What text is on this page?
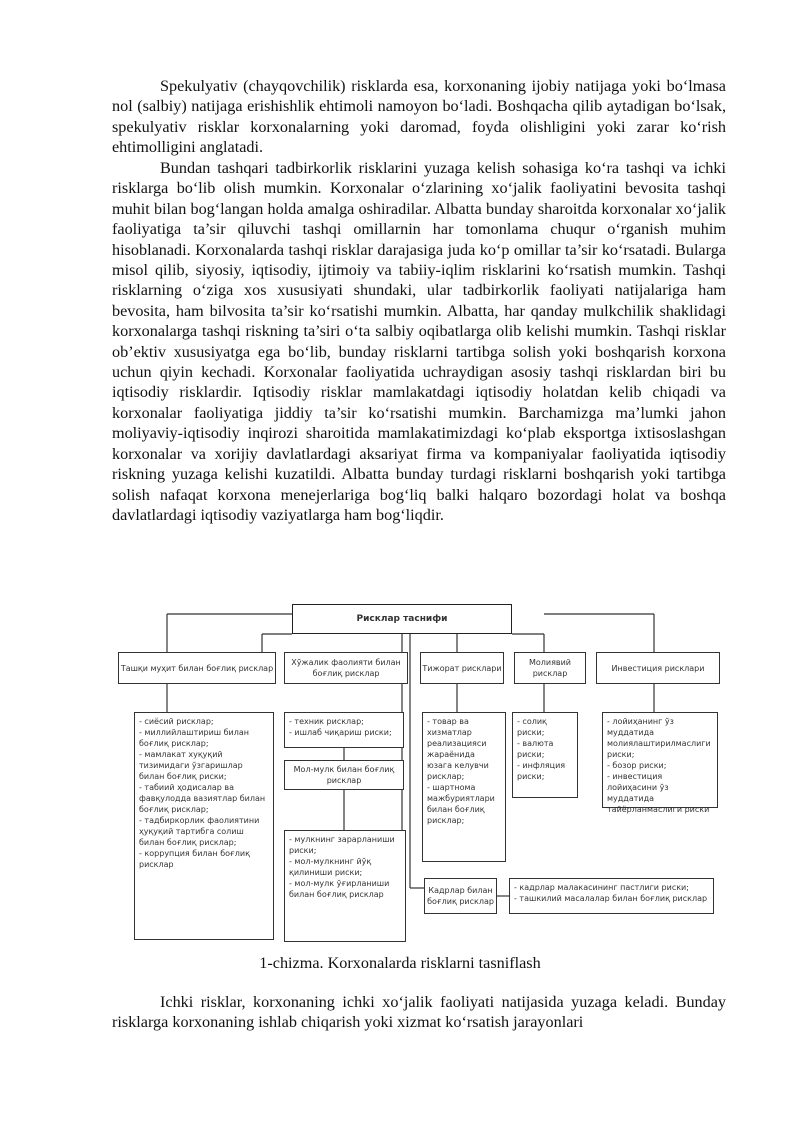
Spekulyativ (chayqovchilik) risklarda esa, korxonaning ijobiy natijaga yoki bo‘lmasa nol (salbiy) natijaga erishishlik ehtimoli namoyon bo‘ladi. Boshqacha qilib aytadigan bo‘lsak, spekulyativ risklar korxonalarning yoki daromad, foyda olishligini yoki zarar ko‘rish ehtimolligini anglatadi.

Bundan tashqari tadbirkorlik risklarini yuzaga kelish sohasiga ko‘ra tashqi va ichki risklarga bo‘lib olish mumkin. Korxonalar o‘zlarining xo‘jalik faoliyatini bevosita tashqi muhit bilan bog‘langan holda amalga oshiradilar. Albatta bunday sharoitda korxonalar xo‘jalik faoliyatiga ta’sir qiluvchi tashqi omillarnin har tomonlama chuqur o‘rganish muhim hisoblanadi. Korxonalarda tashqi risklar darajasiga juda ko‘p omillar ta’sir ko‘rsatadi. Bularga misol qilib, siyosiy, iqtisodiy, ijtimoiy va tabiiy-iqlim risklarini ko‘rsatish mumkin. Tashqi risklarning o‘ziga xos xususiyati shundaki, ular tadbirkorlik faoliyati natijalariga ham bevosita, ham bilvosita ta’sir ko‘rsatishi mumkin. Albatta, har qanday mulkchilik shaklidagi korxonalarga tashqi riskning ta’siri o‘ta salbiy oqibatlarga olib kelishi mumkin. Tashqi risklar ob’ektiv xususiyatga ega bo‘lib, bunday risklarni tartibga solish yoki boshqarish korxona uchun qiyin kechadi. Korxonalar faoliyatida uchraydigan asosiy tashqi risklardan biri bu iqtisodiy risklardir. Iqtisodiy risklar mamlakatdagi iqtisodiy holatdan kelib chiqadi va korxonalar faoliyatiga jiddiy ta’sir ko‘rsatishi mumkin. Barchamizga ma’lumki jahon moliyaviy-iqtisodiy inqirozi sharoitida mamlakatimizdagi ko‘plab eksportga ixtisoslashgan korxonalar va xorijiy davlatlardagi aksariyat firma va kompaniyalar faoliyatida iqtisodiy riskning yuzaga kelishi kuzatildi. Albatta bunday turdagi risklarni boshqarish yoki tartibga solish nafaqat korxona menejerlariga bog‘liq balki halqaro bozordagi holat va boshqa davlatlardagi iqtisodiy vaziyatlarga ham bog‘liqdir.

Рисклар таснифи
Ташқи муҳит билан боғлиқ рисклар
Хўжалик фаолияти билан боғлиқ рисклар
Тижорат рисклари
Молиявий рисклар
Инвестиция рисклари
- сиёсий рисклар;
- миллийлаштириш билан боғлиқ рисклар;
- мамлакат хуқуқий тизимидаги ўзгаришлар билан боғлиқ риски;
- табиий ҳодисалар ва фавқулодда вазиятлар билан боғлиқ рисклар;
- тадбиркорлик фаолиятини ҳуқуқий тартибга солиш билан боғлиқ рисклар;
- коррупция билан боғлиқ рисклар
- техник рисклар;
- ишлаб чиқариш риски;
Мол-мулк билан боғлиқ рисклар
- мулкнинг зарарланиши риски;
- мол-мулкнинг йўқ қилиниши риски;
- мол-мулк ўғирланиши билан боғлиқ рисклар
- товар ва хизматлар реализацияси жараёнида юзага келувчи рисклар;
- шартнома мажбуриятлари билан боғлиқ рисклар;
- солиқ риски;
- валюта риски;
- инфляция риски;
- лойиҳанинг ўз муддатида молиялаштирилмаслиги риски;
- бозор риски;
- инвестиция лойиҳасини ўз муддатида тайёрланмаслиги риски
Кадрлар билан боғлиқ рисклар
- кадрлар малакасининг пастлиги риски;
- ташкилий масалалар билан боғлиқ рисклар
1-chizma. Korxonalarda risklarni tasniflash

Ichki risklar, korxonaning ichki xo‘jalik faoliyati natijasida yuzaga keladi. Bunday risklarga korxonaning ishlab chiqarish yoki xizmat ko‘rsatish jarayonlari
